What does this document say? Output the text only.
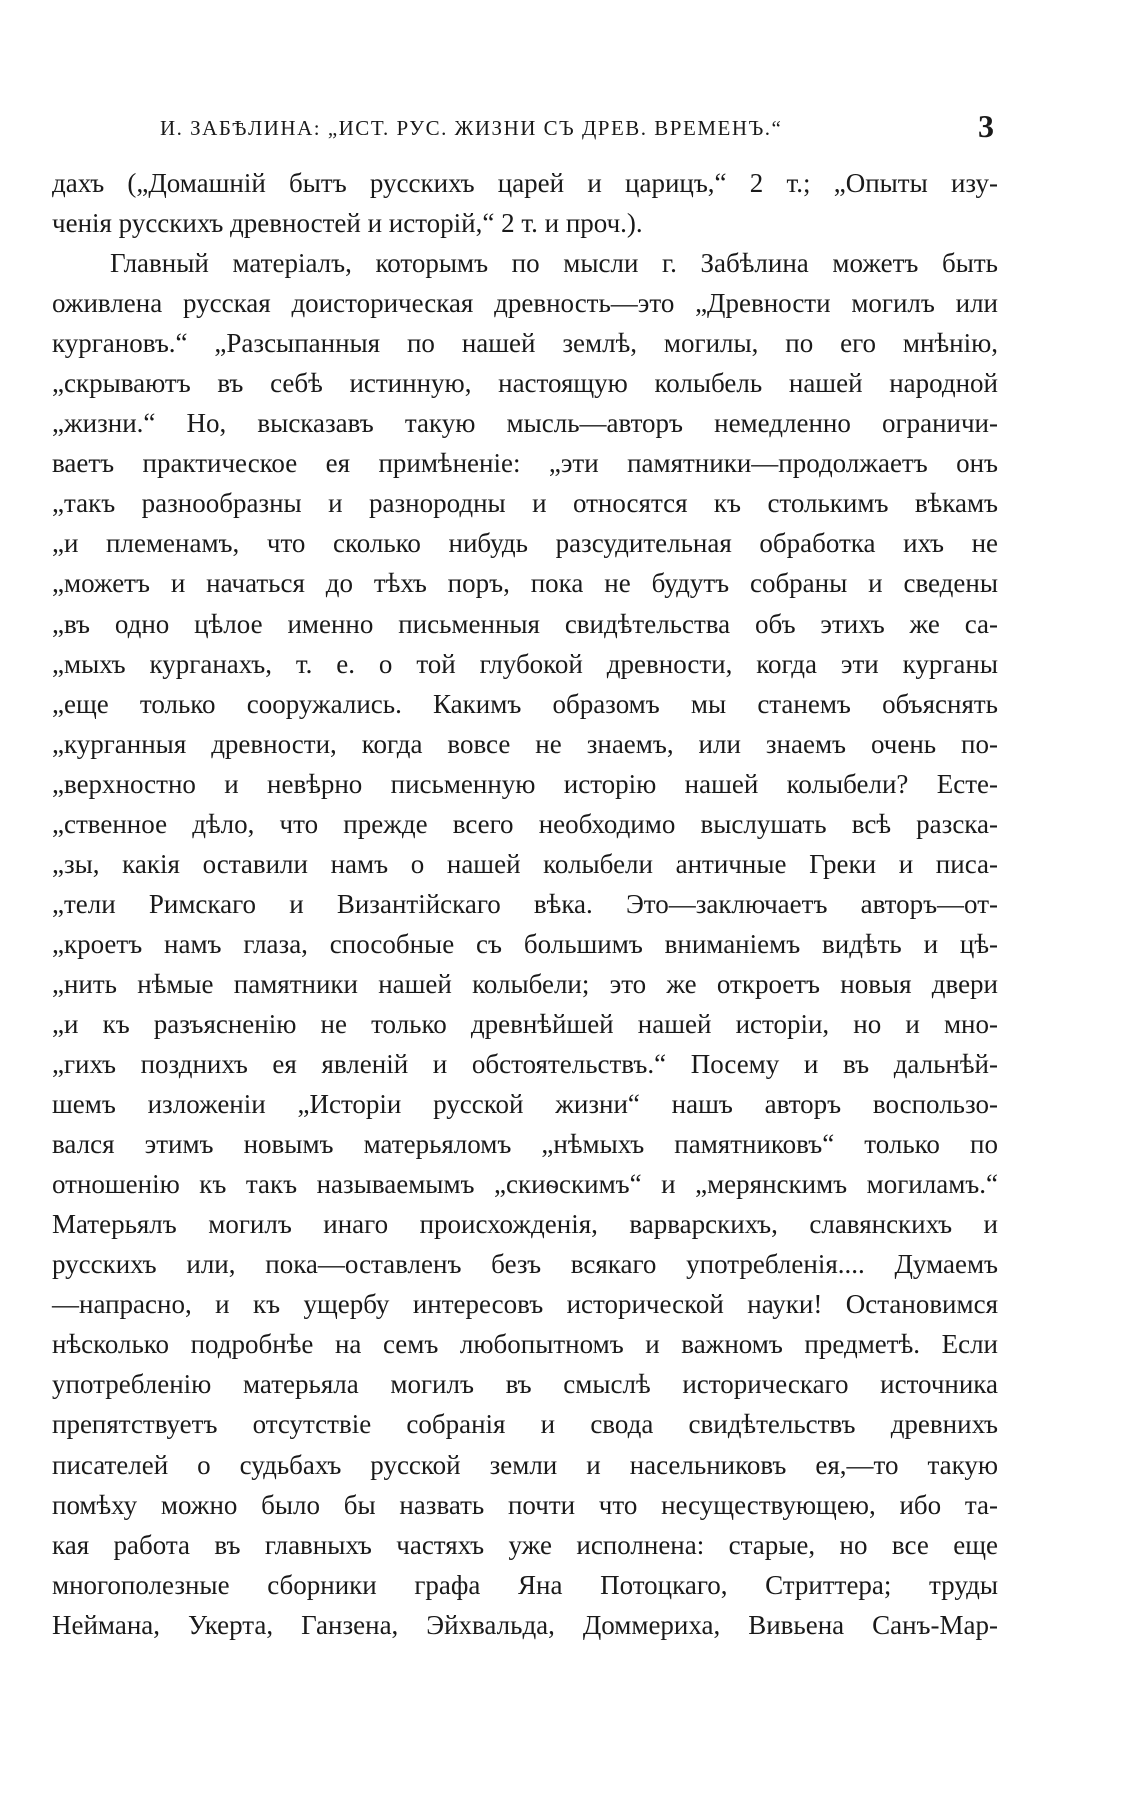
И. ЗАБѢЛИНА: „ИСТ. РУС. ЖИЗНИ СЪ ДРЕВ. ВРЕМЕНЪ.“	3
дахъ („Домашній бытъ русскихъ царей и царицъ,“ 2 т.; „Опыты изу-
ченія русскихъ древностей и исторій,“ 2 т. и проч.).
Главный матеріалъ, которымъ по мысли г. Забѣлина можетъ быть
оживлена русская доисторическая древность—это „Древности могилъ или
кургановъ.“ „Разсыпанныя по нашей землѣ, могилы, по его мнѣнію,
„скрываютъ въ себѣ истинную, настоящую колыбель нашей народной
„жизни.“ Но, высказавъ такую мысль—авторъ немедленно ограничи-
ваетъ практическое ея примѣненіе: „эти памятники—продолжаетъ онъ
„такъ разнообразны и разнородны и относятся къ столькимъ вѣкамъ
„и племенамъ, что сколько нибудь разсудительная обработка ихъ не
„можетъ и начаться до тѣхъ поръ, пока не будутъ собраны и сведены
„въ одно цѣлое именно письменныя свидѣтельства объ этихъ же са-
„мыхъ курганахъ, т. е. о той глубокой древности, когда эти курганы
„еще только сооружались. Какимъ образомъ мы станемъ объяснять
„курганныя древности, когда вовсе не знаемъ, или знаемъ очень по-
„верхностно и невѣрно письменную исторію нашей колыбели? Есте-
„ственное дѣло, что прежде всего необходимо выслушать всѣ разска-
„зы, какія оставили намъ о нашей колыбели античные Греки и писа-
„тели Римскаго и Византійскаго вѣка. Это—заключаетъ авторъ—от-
„кроетъ намъ глаза, способные съ большимъ вниманіемъ видѣть и цѣ-
„нить нѣмые памятники нашей колыбели; это же откроетъ новыя двери
„и къ разъясненію не только древнѣйшей нашей исторіи, но и мно-
„гихъ позднихъ ея явленій и обстоятельствъ.“ Посему и въ дальнѣй-
шемъ изложеніи „Исторіи русской жизни“ нашъ авторъ воспользо-
вался этимъ новымъ матерьяломъ „нѣмыхъ памятниковъ“ только по
отношенію къ такъ называемымъ „скиѳскимъ“ и „мерянскимъ могиламъ.“
Матерьялъ могилъ инаго происхожденія, варварскихъ, славянскихъ и
русскихъ или, пока—оставленъ безъ всякаго употребленія.... Думаемъ
—напрасно, и къ ущербу интересовъ исторической науки! Остановимся
нѣсколько подробнѣе на семъ любопытномъ и важномъ предметѣ. Если
употребленію матерьяла могилъ въ смыслѣ историческаго источника
препятствуетъ отсутствіе собранія и свода свидѣтельствъ древнихъ
писателей о судьбахъ русской земли и насельниковъ ея,—то такую
помѣху можно было бы назвать почти что несуществующею, ибо та-
кая работа въ главныхъ частяхъ уже исполнена: старые, но все еще
многополезные сборники графа Яна Потоцкаго, Стриттера; труды
Неймана, Укерта, Ганзена, Эйхвальда, Доммериха, Вивьена Санъ-Мар-
